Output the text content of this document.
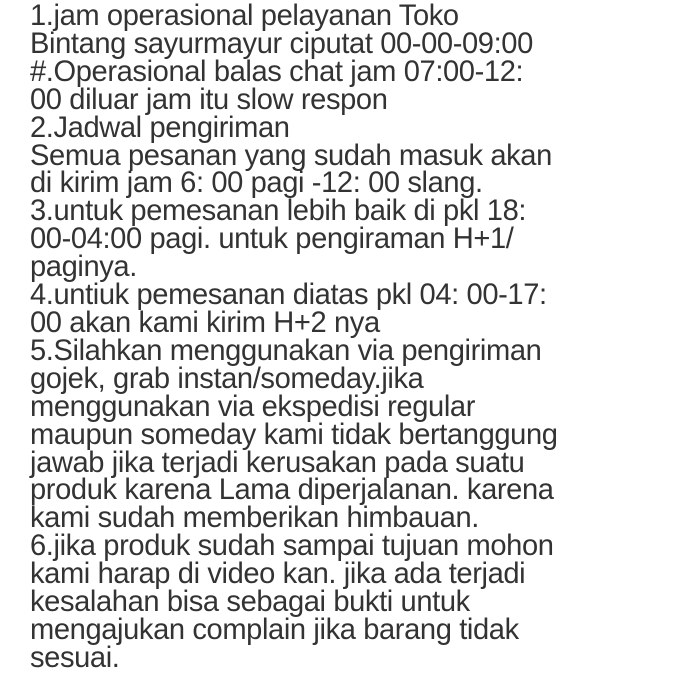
1.jam operasional pelayanan Toko
Bintang sayurmayur ciputat 00-00-09:00
#.Operasional balas chat jam 07:00-12:
00 diluar jam itu slow respon
2.Jadwal pengiriman
Semua pesanan yang sudah masuk akan
di kirim jam 6: 00 pagi -12: 00 slang.
3.untuk pemesanan lebih baik di pkl 18:
00-04:00 pagi. untuk pengiraman H+1/
paginya.
4.untiuk pemesanan diatas pkl 04: 00-17:
00 akan kami kirim H+2 nya
5.Silahkan menggunakan via pengiriman
gojek, grab instan/someday.jika
menggunakan via ekspedisi regular
maupun someday kami tidak bertanggung
jawab jika terjadi kerusakan pada suatu
produk karena Lama diperjalanan. karena
kami sudah memberikan himbauan.
6.jika produk sudah sampai tujuan mohon
kami harap di video kan. jika ada terjadi
kesalahan bisa sebagai bukti untuk
mengajukan complain jika barang tidak
sesuai.
